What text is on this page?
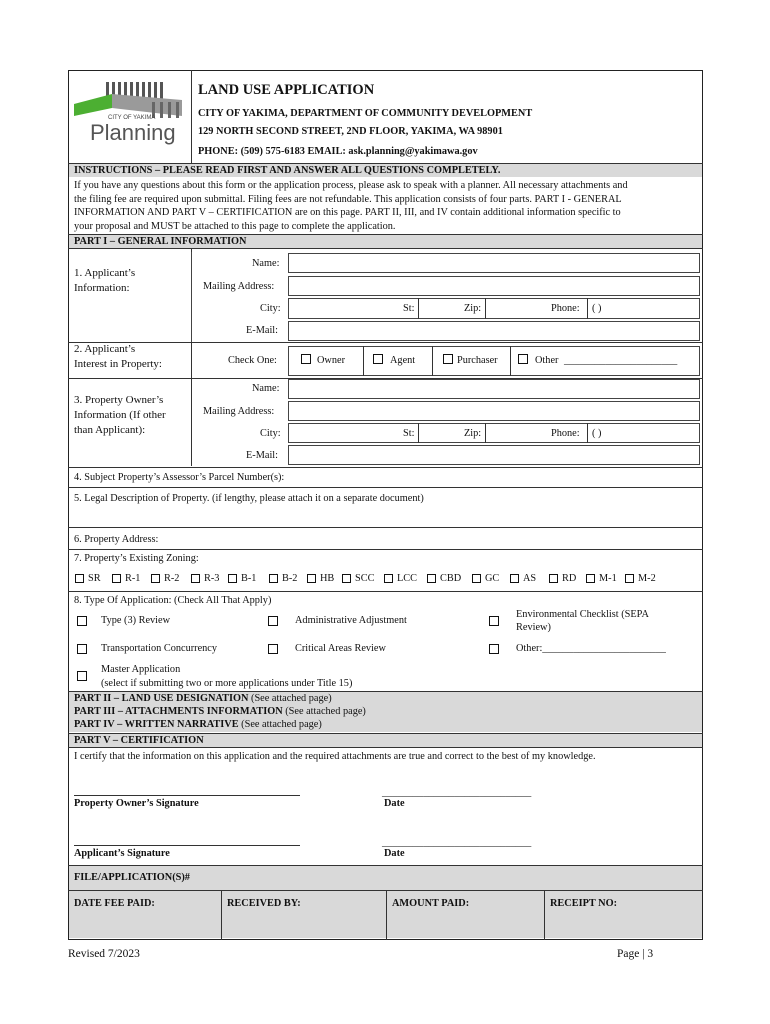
CITY OF YAKIMA
Planning
LAND USE APPLICATION
CITY OF YAKIMA, DEPARTMENT OF COMMUNITY DEVELOPMENT
129 NORTH SECOND STREET, 2ND FLOOR, YAKIMA, WA 98901
PHONE: (509) 575-6183 EMAIL: ask.planning@yakimawa.gov
INSTRUCTIONS – PLEASE READ FIRST AND ANSWER ALL QUESTIONS COMPLETELY.
If you have any questions about this form or the application process, please ask to speak with a planner. All necessary attachments and
the filing fee are required upon submittal. Filing fees are not refundable. This application consists of four parts. PART I - GENERAL
INFORMATION AND PART V – CERTIFICATION are on this page. PART II, III, and IV contain additional information specific to
your proposal and MUST be attached to this page to complete the application.
PART I – GENERAL INFORMATION
1. Applicant’s
Information:
Name:
Mailing Address:
City:	St:	Zip:	Phone: ( )
E-Mail:
2. Applicant’s
Interest in Property:	Check One:	Owner	Agent	Purchaser	Other ______________________
3. Property Owner’s
Information (If other
than Applicant):
Name:
Mailing Address:
City:	St:	Zip:	Phone: ( )
E-Mail:
4. Subject Property’s Assessor’s Parcel Number(s):
5. Legal Description of Property. (if lengthy, please attach it on a separate document)
6. Property Address:
7. Property’s Existing Zoning:
SR R-1 R-2 R-3 B-1 B-2 HB SCC LCC CBD GC AS	RD M-1 M-2
8. Type Of Application: (Check All That Apply)
Type (3) Review	Administrative Adjustment
Environmental Checklist (SEPA
Review)
Transportation Concurrency	Critical Areas Review	Other:________________________
Master Application
(select if submitting two or more applications under Title 15)
PART II – LAND USE DESIGNATION (See attached page)
PART III – ATTACHMENTS INFORMATION (See attached page)
PART IV – WRITTEN NARRATIVE (See attached page)
PART V – CERTIFICATION
I certify that the information on this application and the required attachments are true and correct to the best of my knowledge.
Property Owner’s Signature
_____________________________
Date
Applicant’s Signature
_____________________________
Date
FILE/APPLICATION(S)#
DATE FEE PAID:	RECEIVED BY:	AMOUNT PAID:	RECEIPT NO:
Revised 7/2023	Page | 3
